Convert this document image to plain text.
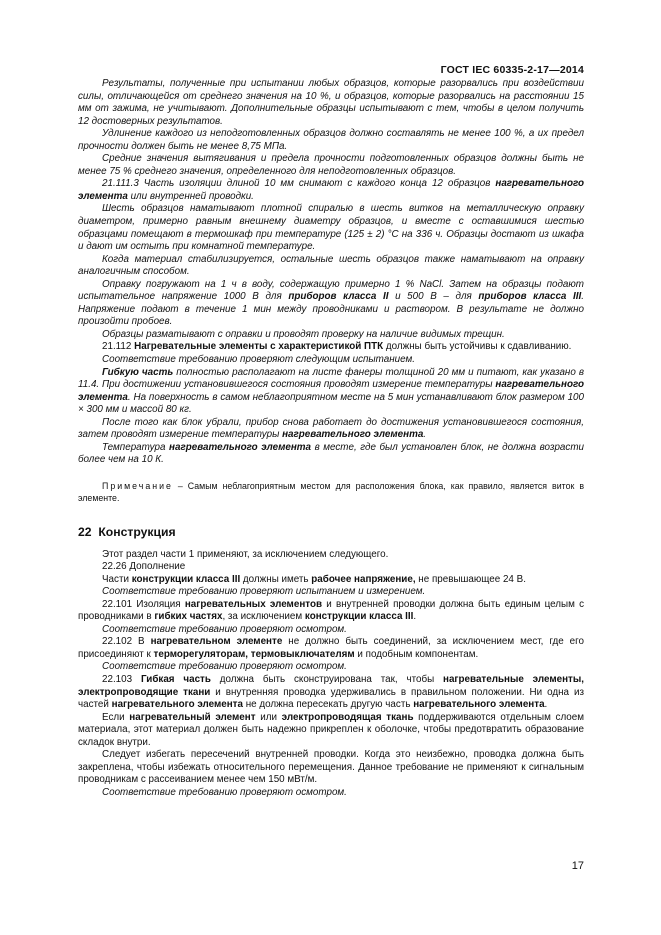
ГОСТ IEC 60335-2-17—2014

Результаты, полученные при испытании любых образцов, которые разорвались при воздействии силы, отличающейся от среднего значения на 10 %, и образцов, которые разорвались на расстоянии 15 мм от зажима, не учитывают. Дополнительные образцы испытывают с тем, чтобы в целом получить 12 достоверных результатов.

Удлинение каждого из неподготовленных образцов должно составлять не менее 100 %, а их предел прочности должен быть не менее 8,75 МПа.

Средние значения вытягивания и предела прочности подготовленных образцов должны быть не менее 75 % среднего значения, определенного для неподготовленных образцов.

21.111.3 Часть изоляции длиной 10 мм снимают с каждого конца 12 образцов нагревательного элемента или внутренней проводки.

Шесть образцов наматывают плотной спиралью в шесть витков на металлическую оправку диаметром, примерно равным внешнему диаметру образцов, и вместе с оставшимися шестью образцами помещают в термошкаф при температуре (125 ± 2) °С на 336 ч. Образцы достают из шкафа и дают им остыть при комнатной температуре.

Когда материал стабилизируется, остальные шесть образцов также наматывают на оправку аналогичным способом.

Оправку погружают на 1 ч в воду, содержащую примерно 1 % NaCl. Затем на образцы подают испытательное напряжение 1000 В для приборов класса II и 500 В – для приборов класса III. Напряжение подают в течение 1 мин между проводниками и раствором. В результате не должно произойти пробоев.

Образцы разматывают с оправки и проводят проверку на наличие видимых трещин.

21.112 Нагревательные элементы с характеристикой ПТК должны быть устойчивы к сдавливанию.

Соответствие требованию проверяют следующим испытанием.

Гибкую часть полностью располагают на листе фанеры толщиной 20 мм и питают, как указано в 11.4. При достижении установившегося состояния проводят измерение температуры нагревательного элемента. На поверхность в самом неблагоприятном месте на 5 мин устанавливают блок размером 100 × 300 мм и массой 80 кг.

После того как блок убрали, прибор снова работает до достижения установившегося состояния, затем проводят измерение температуры нагревательного элемента.

Температура нагревательного элемента в месте, где был установлен блок, не должна возрасти более чем на 10 К.

Примечание – Самым неблагоприятным местом для расположения блока, как правило, является виток в элементе.

22 Конструкция

Этот раздел части 1 применяют, за исключением следующего.

22.26 Дополнение

Части конструкции класса III должны иметь рабочее напряжение, не превышающее 24 В.

Соответствие требованию проверяют испытанием и измерением.

22.101 Изоляция нагревательных элементов и внутренней проводки должна быть единым целым с проводниками в гибких частях, за исключением конструкции класса III.

Соответствие требованию проверяют осмотром.

22.102 В нагревательном элементе не должно быть соединений, за исключением мест, где его присоединяют к терморегуляторам, термовыключателям и подобным компонентам.

Соответствие требованию проверяют осмотром.

22.103 Гибкая часть должна быть сконструирована так, чтобы нагревательные элементы, электропроводящие ткани и внутренняя проводка удерживались в правильном положении. Ни одна из частей нагревательного элемента не должна пересекать другую часть нагревательного элемента.

Если нагревательный элемент или электропроводящая ткань поддерживаются отдельным слоем материала, этот материал должен быть надежно прикреплен к оболочке, чтобы предотвратить образование складок внутри.

Следует избегать пересечений внутренней проводки. Когда это неизбежно, проводка должна быть закреплена, чтобы избежать относительного перемещения. Данное требование не применяют к сигнальным проводникам с рассеиванием менее чем 150 мВт/м.

Соответствие требованию проверяют осмотром.

17
